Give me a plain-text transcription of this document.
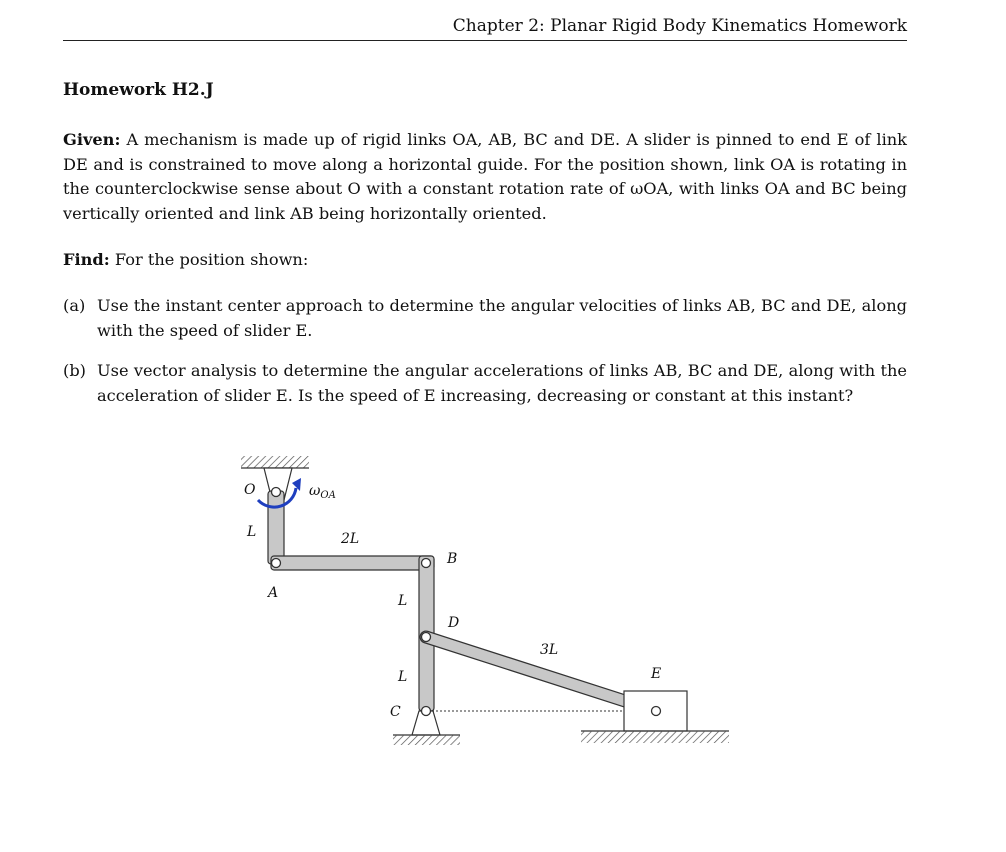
Chapter 2: Planar Rigid Body Kinematics Homework
Homework H2.J
Given: A mechanism is made up of rigid links OA, AB, BC and DE. A slider is pinned to end E of link DE and is constrained to move along a horizontal guide. For the position shown, link OA is rotating in the counterclockwise sense about O with a constant rotation rate of ωOA, with links OA and BC being vertically oriented and link AB being horizontally oriented.
Find: For the position shown:
(a) Use the instant center approach to determine the angular velocities of links AB, BC and DE, along with the speed of slider E.
(b) Use vector analysis to determine the angular accelerations of links AB, BC and DE, along with the acceleration of slider E. Is the speed of E increasing, decreasing or constant at this instant?
O	$\omega_{OA}$
L	2L
B
A	L
D
3L
L	E
C
